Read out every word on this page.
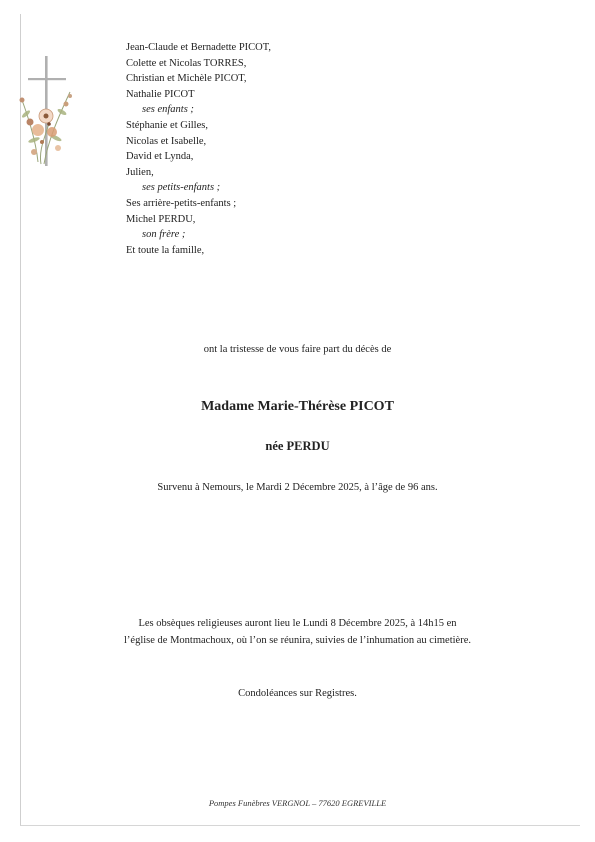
Jean-Claude et Bernadette PICOT,
Colette et Nicolas TORRES,
Christian et Michèle PICOT,
Nathalie PICOT
ses enfants ;
Stéphanie et Gilles,
Nicolas et Isabelle,
David et Lynda,
Julien,
ses petits-enfants ;
Ses arrière-petits-enfants ;
Michel PERDU,
son frère ;
Et toute la famille,
ont la tristesse de vous faire part du décès de
Madame Marie-Thérèse PICOT
née PERDU
Survenu à Nemours, le Mardi 2 Décembre 2025, à l’âge de 96 ans.
Les obsèques religieuses auront lieu le Lundi 8 Décembre 2025, à 14h15 en
l’église de Montmachoux, où l’on se réunira, suivies de l’inhumation au cimetière.
Condoléances sur Registres.
Pompes Funèbres VERGNOL – 77620 EGREVILLE
